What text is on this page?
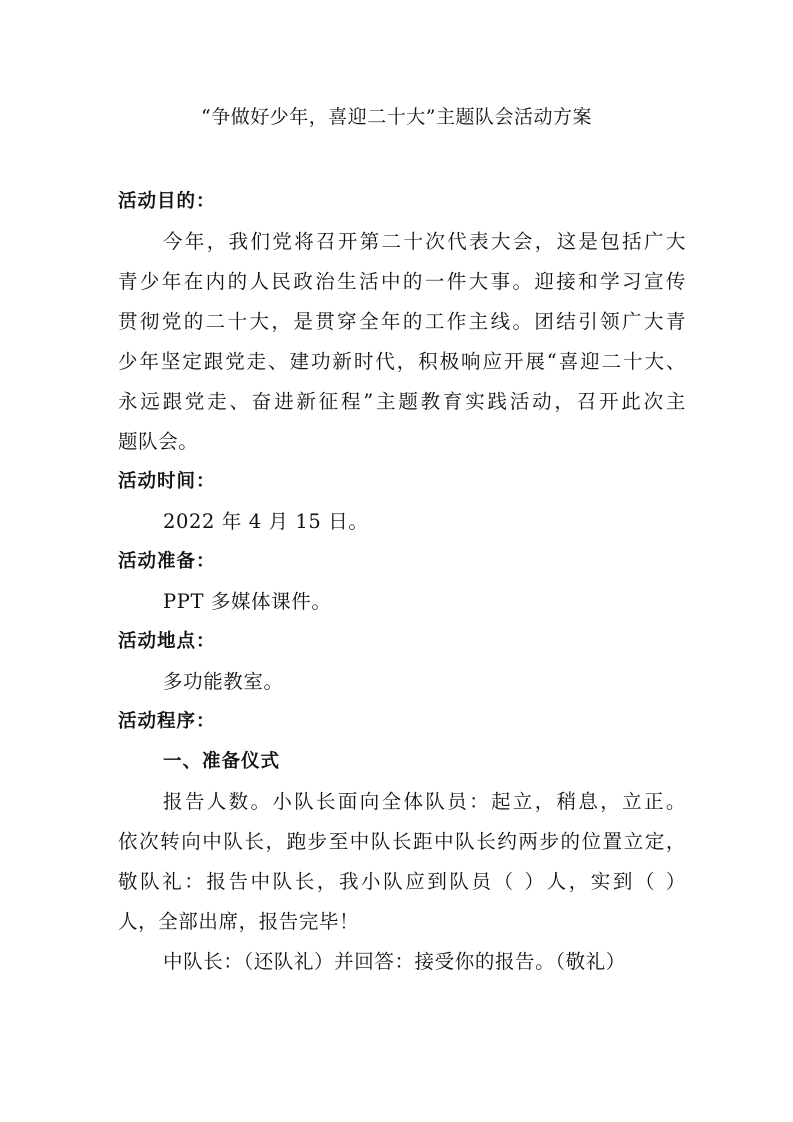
“争做好少年，喜迎二十大”主题队会活动方案
活动目的：
今年，我们党将召开第二十次代表大会，这是包括广大
青少年在内的人民政治生活中的一件大事。迎接和学习宣传
贯彻党的二十大，是贯穿全年的工作主线。团结引领广大青
少年坚定跟党走、建功新时代，积极响应开展“喜迎二十大、
永远跟党走、奋进新征程”主题教育实践活动，召开此次主
题队会。
活动时间：
2022 年 4 月 15 日。
活动准备：
PPT 多媒体课件。
活动地点：
多功能教室。
活动程序：
一、准备仪式
报告人数。小队长面向全体队员：起立，稍息，立正。
依次转向中队长，跑步至中队长距中队长约两步的位置立定，
敬队礼：报告中队长，我小队应到队员（ ）人，实到（ ）
人，全部出席，报告完毕！
中队长：（还队礼）并回答：接受你的报告。（敬礼）
